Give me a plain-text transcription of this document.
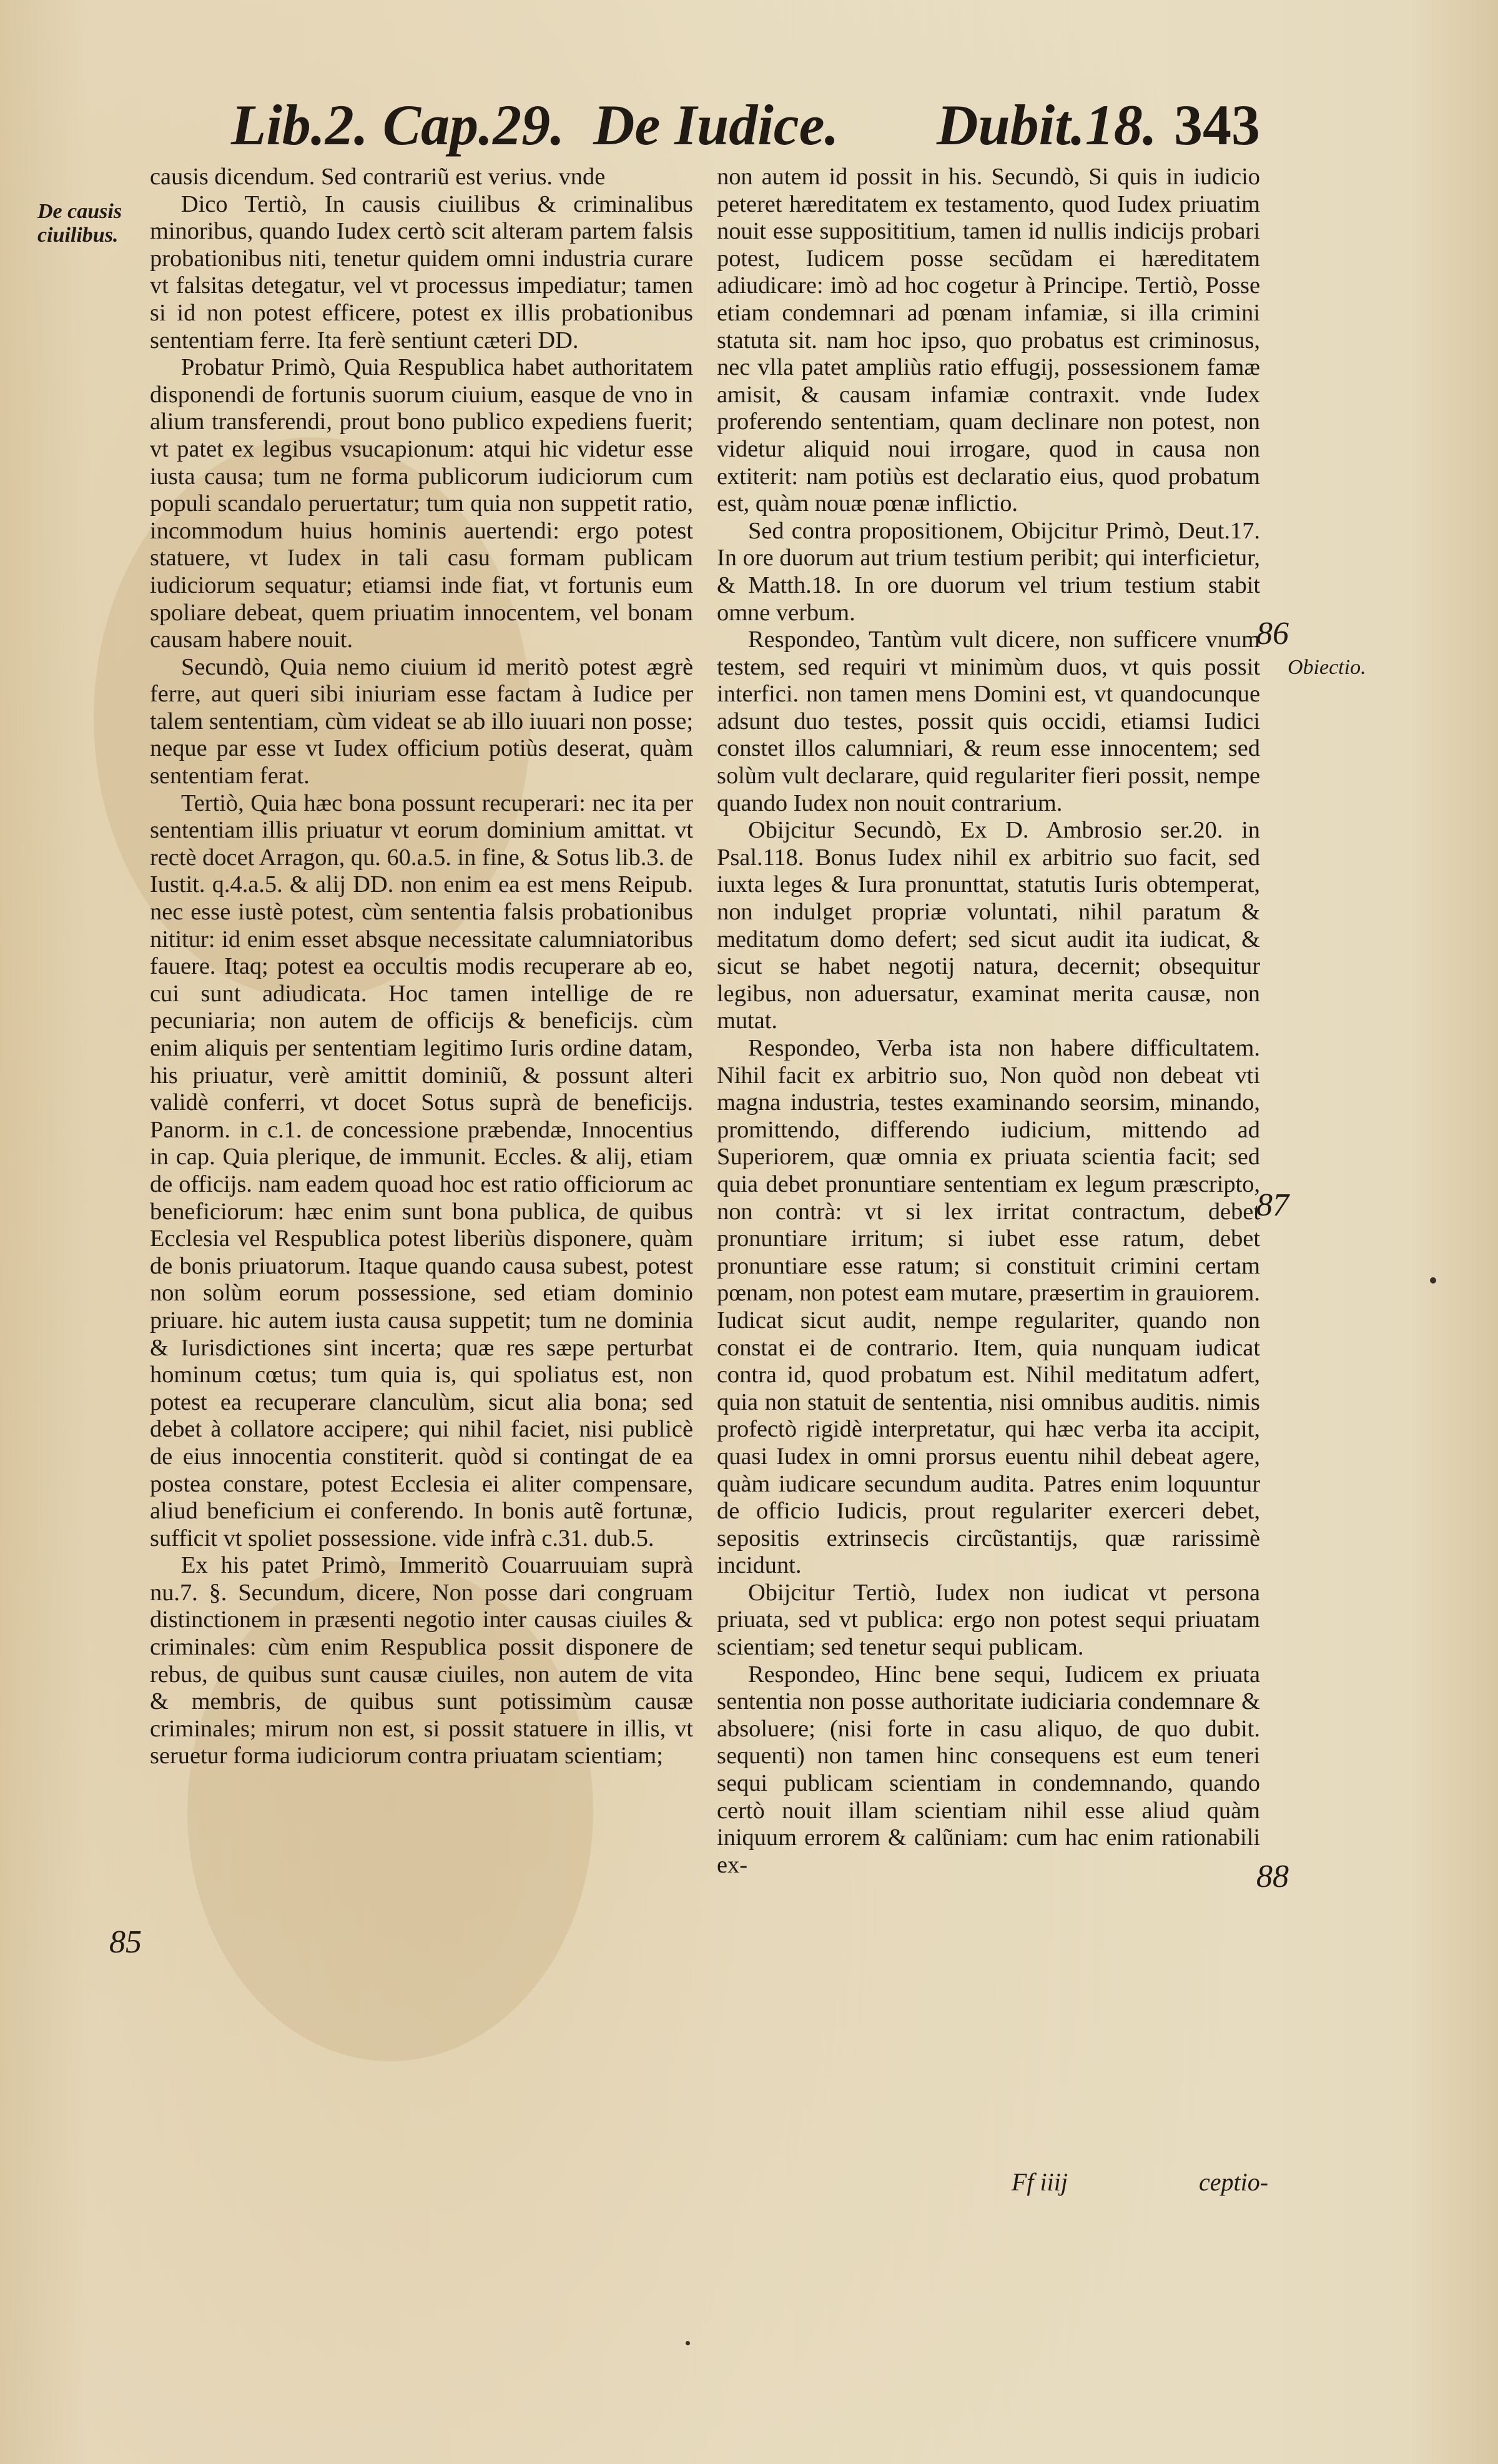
Lib.2. Cap.29. De Iudice. Dubit.18. 343
De causis ciuilibus.
Obiectio.
86
87
88
85

causis dicendum. Sed contrariũ est verius. vnde

Dico Tertiò, In causis ciuilibus & criminalibus minoribus, quando Iudex certò scit alteram partem falsis probationibus niti, tenetur quidem omni industria curare vt falsitas detegatur, vel vt processus impediatur; tamen si id non potest efficere, potest ex illis probationibus sententiam ferre. Ita ferè sentiunt cæteri DD.

Probatur Primò, Quia Respublica habet authoritatem disponendi de fortunis suorum ciuium, easque de vno in alium transferendi, prout bono publico expediens fuerit; vt patet ex legibus vsucapionum: atqui hic videtur esse iusta causa; tum ne forma publicorum iudiciorum cum populi scandalo peruertatur; tum quia non suppetit ratio, incommodum huius hominis auertendi: ergo potest statuere, vt Iudex in tali casu formam publicam iudiciorum sequatur; etiamsi inde fiat, vt fortunis eum spoliare debeat, quem priuatim innocentem, vel bonam causam habere nouit.

Secundò, Quia nemo ciuium id meritò potest ægrè ferre, aut queri sibi iniuriam esse factam à Iudice per talem sententiam, cùm videat se ab illo iuuari non posse; neque par esse vt Iudex officium potiùs deserat, quàm sententiam ferat.

Tertiò, Quia hæc bona possunt recuperari: nec ita per sententiam illis priuatur vt eorum dominium amittat. vt rectè docet Arragon, qu. 60.a.5. in fine, & Sotus lib.3. de Iustit. q.4.a.5. & alij DD. non enim ea est mens Reipub. nec esse iustè potest, cùm sententia falsis probationibus nititur: id enim esset absque necessitate calumniatoribus fauere. Itaq; potest ea occultis modis recuperare ab eo, cui sunt adiudicata. Hoc tamen intellige de re pecuniaria; non autem de officijs & beneficijs. cùm enim aliquis per sententiam legitimo Iuris ordine datam, his priuatur, verè amittit dominiũ, & possunt alteri validè conferri, vt docet Sotus suprà de beneficijs. Panorm. in c.1. de concessione præbendæ, Innocentius in cap. Quia plerique, de immunit. Eccles. & alij, etiam de officijs. nam eadem quoad hoc est ratio officiorum ac beneficiorum: hæc enim sunt bona publica, de quibus Ecclesia vel Respublica potest liberiùs disponere, quàm de bonis priuatorum. Itaque quando causa subest, potest non solùm eorum possessione, sed etiam dominio priuare. hic autem iusta causa suppetit; tum ne dominia & Iurisdictiones sint incerta; quæ res sæpe perturbat hominum cœtus; tum quia is, qui spoliatus est, non potest ea recuperare clanculùm, sicut alia bona; sed debet à collatore accipere; qui nihil faciet, nisi publicè de eius innocentia constiterit. quòd si contingat de ea postea constare, potest Ecclesia ei aliter compensare, aliud beneficium ei conferendo. In bonis autẽ fortunæ, sufficit vt spoliet possessione. vide infrà c.31. dub.5.

Ex his patet Primò, Immeritò Couarruuiam suprà nu.7. §. Secundum, dicere, Non posse dari congruam distinctionem in præsenti negotio inter causas ciuiles & criminales: cùm enim Respublica possit disponere de rebus, de quibus sunt causæ ciuiles, non autem de vita & membris, de quibus sunt potissimùm causæ criminales; mirum non est, si possit statuere in illis, vt seruetur forma iudiciorum contra priuatam scientiam;

non autem id possit in his. Secundò, Si quis in iudicio peteret hæreditatem ex testamento, quod Iudex priuatim nouit esse supposititium, tamen id nullis indicijs probari potest, Iudicem posse secũdam ei hæreditatem adiudicare: imò ad hoc cogetur à Principe. Tertiò, Posse etiam condemnari ad pœnam infamiæ, si illa crimini statuta sit. nam hoc ipso, quo probatus est criminosus, nec vlla patet ampliùs ratio effugij, possessionem famæ amisit, & causam infamiæ contraxit. vnde Iudex proferendo sententiam, quam declinare non potest, non videtur aliquid noui irrogare, quod in causa non extiterit: nam potiùs est declaratio eius, quod probatum est, quàm nouæ pœnæ inflictio.

Sed contra propositionem, Obijcitur Primò, Deut.17. In ore duorum aut trium testium peribit; qui interficietur, & Matth.18. In ore duorum vel trium testium stabit omne verbum.

Respondeo, Tantùm vult dicere, non sufficere vnum testem, sed requiri vt minimùm duos, vt quis possit interfici. non tamen mens Domini est, vt quandocunque adsunt duo testes, possit quis occidi, etiamsi Iudici constet illos calumniari, & reum esse innocentem; sed solùm vult declarare, quid regulariter fieri possit, nempe quando Iudex non nouit contrarium.

Obijcitur Secundò, Ex D. Ambrosio ser.20. in Psal.118. Bonus Iudex nihil ex arbitrio suo facit, sed iuxta leges & Iura pronunttat, statutis Iuris obtemperat, non indulget propriæ voluntati, nihil paratum & meditatum domo defert; sed sicut audit ita iudicat, & sicut se habet negotij natura, decernit; obsequitur legibus, non aduersatur, examinat merita causæ, non mutat.

Respondeo, Verba ista non habere difficultatem. Nihil facit ex arbitrio suo, Non quòd non debeat vti magna industria, testes examinando seorsim, minando, promittendo, differendo iudicium, mittendo ad Superiorem, quæ omnia ex priuata scientia facit; sed quia debet pronuntiare sententiam ex legum præscripto, non contrà: vt si lex irritat contractum, debet pronuntiare irritum; si iubet esse ratum, debet pronuntiare esse ratum; si constituit crimini certam pœnam, non potest eam mutare, præsertim in grauiorem. Iudicat sicut audit, nempe regulariter, quando non constat ei de contrario. Item, quia nunquam iudicat contra id, quod probatum est. Nihil meditatum adfert, quia non statuit de sententia, nisi omnibus auditis. nimis profectò rigidè interpretatur, qui hæc verba ita accipit, quasi Iudex in omni prorsus euentu nihil debeat agere, quàm iudicare secundum audita. Patres enim loquuntur de officio Iudicis, prout regulariter exerceri debet, sepositis extrinsecis circũstantijs, quæ rarissimè incidunt.

Obijcitur Tertiò, Iudex non iudicat vt persona priuata, sed vt publica: ergo non potest sequi priuatam scientiam; sed tenetur sequi publicam.

Respondeo, Hinc bene sequi, Iudicem ex priuata sententia non posse authoritate iudiciaria condemnare & absoluere; (nisi forte in casu aliquo, de quo dubit. sequenti) non tamen hinc consequens est eum teneri sequi publicam scientiam in condemnando, quando certò nouit illam scientiam nihil esse aliud quàm iniquum errorem & calũniam: cum hac enim rationabili ex-

Ff iiij	ceptio-
